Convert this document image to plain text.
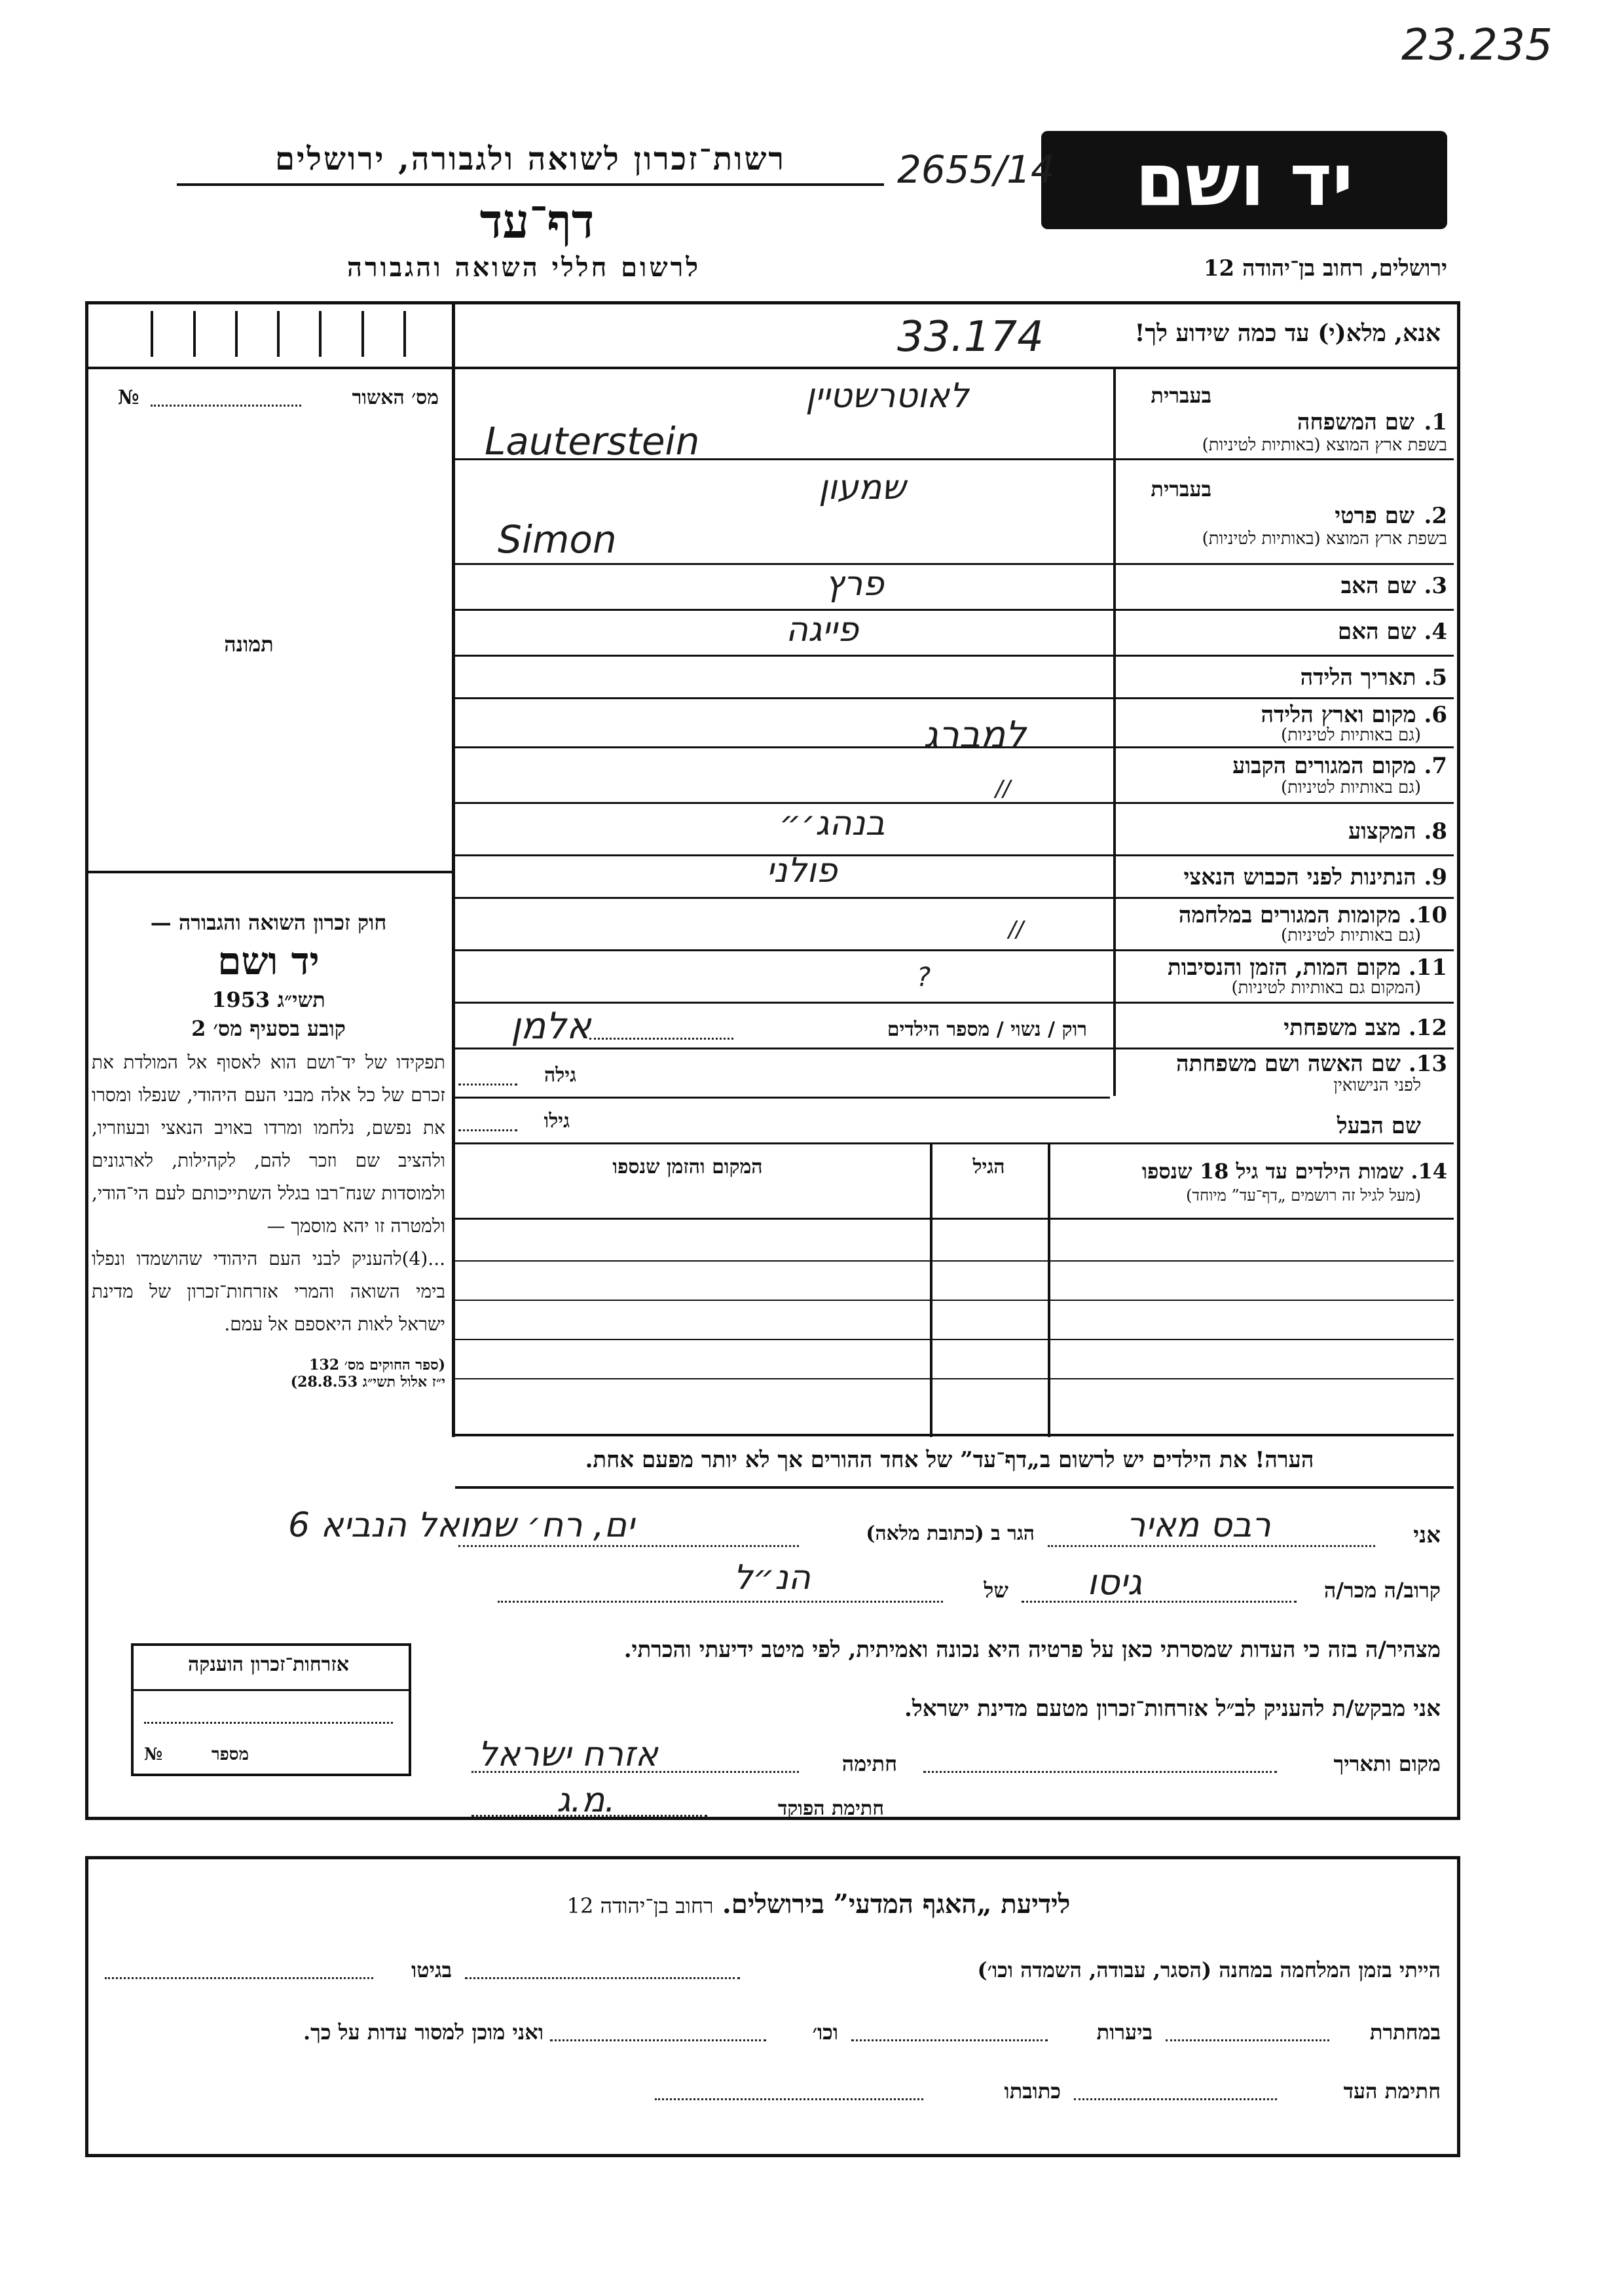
23.235
יד ושם
2655/14
רשות־זכרון לשואה ולגבורה, ירושלים
דף־עד
לרשום חללי השואה והגבורה	ירושלים, רחוב בן־יהודה 12
אנא, מלא(י) עד כמה שידוע לך!
33.174
מס׳ האשור
№
תמונה

חוק זכרון השואה והגבורה —

יד ושם

תשי״ג 1953

קובע בסעיף מס׳ 2

תפקידו של יד־ושם הוא לאסוף אל המולדת את זכרם של כל אלה מבני העם היהודי, שנפלו ומסרו את נפשם, נלחמו ומרדו באויב הנאצי ובעוזריו, ולהציב שם וזכר להם, לקהילות, לארגונים ולמוסדות שנח־רבו בגלל השתייכותם לעם הי־הודי, ולמטרה זו יהא מוסמך —

...(4)להעניק לבני העם היהודי שהושמדו ונפלו בימי השואה והמרי אזרחות־זכרון של מדינת ישראל לאות היאספם אל עמם.

(ספר החוקים מס׳ 132

י״ז אלול תשי״ג 28.8.53)

אזרחות־זכרון הוענקה
מספר
№
בעברית
1.
שם המשפחה
בשפת ארץ המוצא (באותיות לטיניות)
לאוטרשטיין
Lauterstein
בעברית
2.
שם פרטי
בשפת ארץ המוצא (באותיות לטיניות)
שמעון
Simon
3. שם האב
פרץ
4. שם האם
פייגה
5. תאריך הלידה
6. מקום וארץ הלידה
(גם באותיות לטיניות)
למברג
7. מקום המגורים הקבוע
(גם באותיות לטיניות)
//
8. המקצוע
בנהג׳״
9. הנתינות לפני הכבוש הנאצי
פולני
10. מקומות המגורים במלחמה
(גם באותיות לטיניות)
//
11. מקום המות, הזמן והנסיבות
(המקום גם באותיות לטיניות)
?
12. מצב משפחתי
רוק / נשוי / מספר הילדים
אלמן
13. שם האשה ושם משפחתה
לפני הנישואין
גילה
שם הבעל
גילו
14. שמות הילדים עד גיל 18 שנספו
(מעל לגיל זה רושמים „דף־עד” מיוחד)
הגיל
המקום והזמן שנספו
הערה! את הילדים יש לרשום ב„דף־עד” של אחד ההורים אך לא יותר מפעם אחת.
אני
רבס מאיר
הגר ב (כתובת מלאה)
ים, רח׳ שמואל הנביא 6
קרוב/ה מכר/ה
גיסו
של
הנ״ל
מצהיר/ה בזה כי העדות שמסרתי כאן על פרטיה היא נכונה ואמיתית, לפי מיטב ידיעתי והכרתי.
אני מבקש/ת להעניק לב״ל אזרחות־זכרון מטעם מדינת ישראל.
מקום ותאריך
חתימה
אזרח ישראל
חתימת הפוקד
מ.ג.
לידיעת „האגף המדעי” בירושלים. רחוב בן־יהודה 12
הייתי בזמן המלחמה במחנה (הסגר, עבודה, השמדה וכו׳)
בגיטו
במחתרת
ביערות
וכו׳
ואני מוכן למסור עדות על כך.
חתימת העד
כתובתו
